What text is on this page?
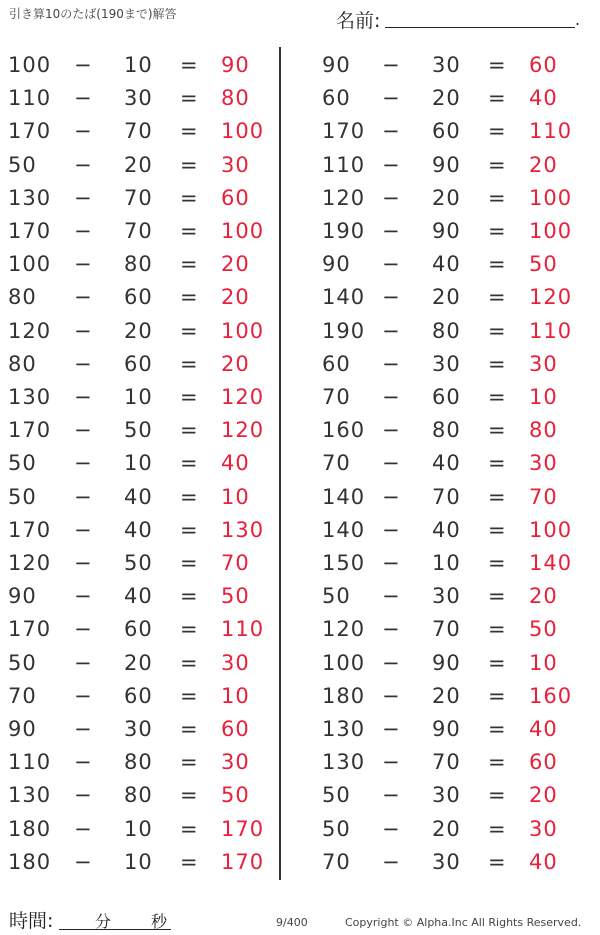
引き算10のたば(190まで)解答	名前:	.
100 − 10 = 90
110 − 30 = 80
170 − 70 = 100
50 − 20 = 30
130 − 70 = 60
170 − 70 = 100
100 − 80 = 20
80 − 60 = 20
120 − 20 = 100
80 − 60 = 20
130 − 10 = 120
170 − 50 = 120
50 − 10 = 40
50 − 40 = 10
170 − 40 = 130
120 − 50 = 70
90 − 40 = 50
170 − 60 = 110
50 − 20 = 30
70 − 60 = 10
90 − 30 = 60
110 − 80 = 30
130 − 80 = 50
180 − 10 = 170
180 − 10 = 170
90 − 30 = 60
60 − 20 = 40
170 − 60 = 110
110 − 90 = 20
120 − 20 = 100
190 − 90 = 100
90 − 40 = 50
140 − 20 = 120
190 − 80 = 110
60 − 30 = 30
70 − 60 = 10
160 − 80 = 80
70 − 40 = 30
140 − 70 = 70
140 − 40 = 100
150 − 10 = 140
50 − 30 = 20
120 − 70 = 50
100 − 90 = 10
180 − 20 = 160
130 − 90 = 40
130 − 70 = 60
50 − 30 = 20
50 − 20 = 30
70 − 30 = 40
時間:	分 秒	9/400	Copyright © Alpha.Inc All Rights Reserved.
